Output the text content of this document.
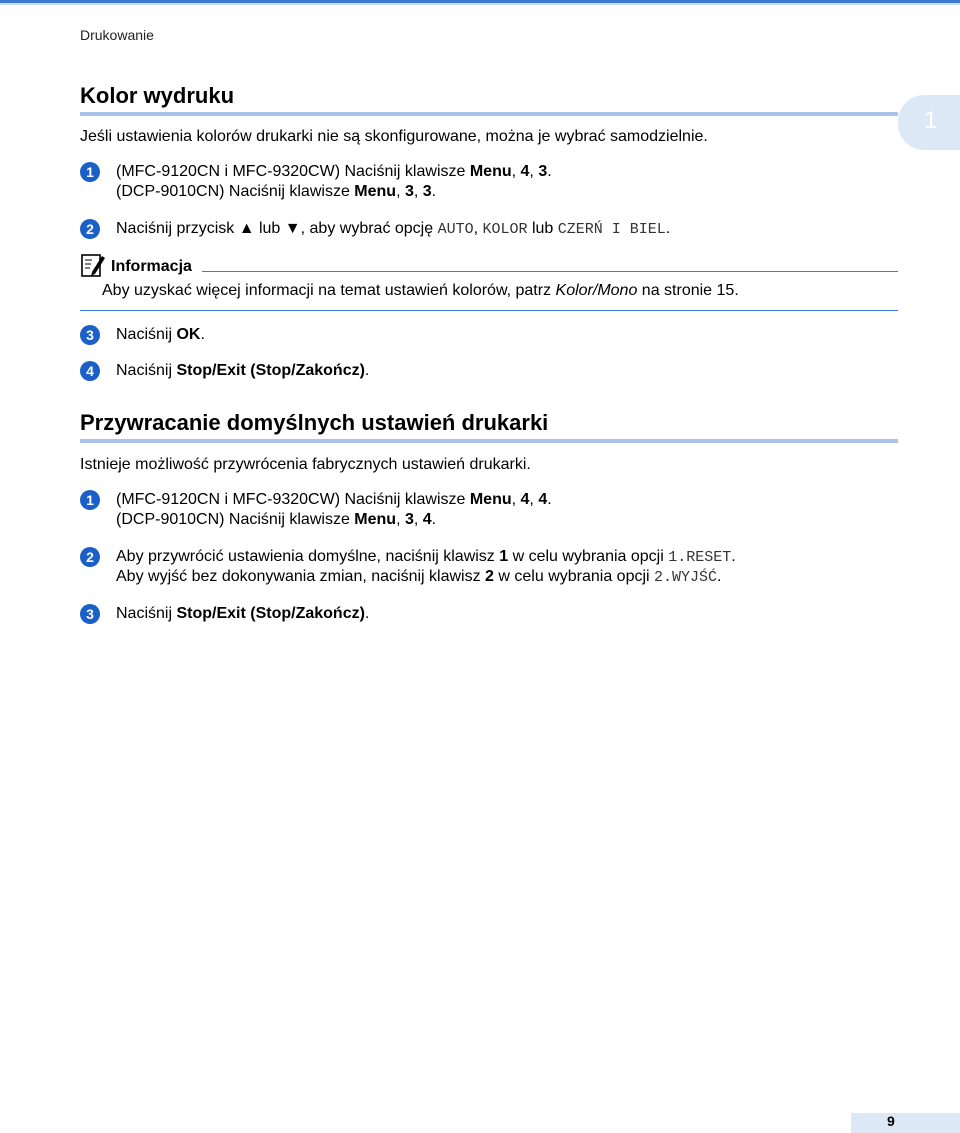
Drukowanie
1
Kolor wydruku
Jeśli ustawienia kolorów drukarki nie są skonfigurowane, można je wybrać samodzielnie.
1	(MFC-9120CN i MFC-9320CW) Naciśnij klawisze Menu, 4, 3.
(DCP-9010CN) Naciśnij klawisze Menu, 3, 3.
2	Naciśnij przycisk ▲ lub ▼, aby wybrać opcję AUTO, KOLOR lub CZERŃ I BIEL.
Informacja
Aby uzyskać więcej informacji na temat ustawień kolorów, patrz Kolor/Mono na stronie 15.
3	Naciśnij OK.
4	Naciśnij Stop/Exit (Stop/Zakończ).
Przywracanie domyślnych ustawień drukarki
Istnieje możliwość przywrócenia fabrycznych ustawień drukarki.
1	(MFC-9120CN i MFC-9320CW) Naciśnij klawisze Menu, 4, 4.
(DCP-9010CN) Naciśnij klawisze Menu, 3, 4.
2	Aby przywrócić ustawienia domyślne, naciśnij klawisz 1 w celu wybrania opcji 1.RESET.
Aby wyjść bez dokonywania zmian, naciśnij klawisz 2 w celu wybrania opcji 2.WYJŚĆ.
3	Naciśnij Stop/Exit (Stop/Zakończ).
9
